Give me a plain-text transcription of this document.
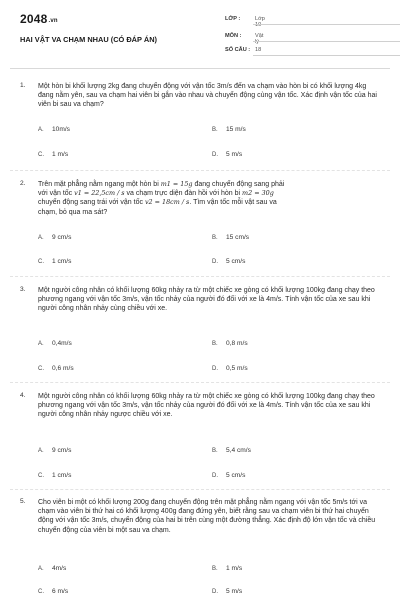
2048.vn
HAI VẬT VA CHẠM NHAU (CÓ ĐÁP ÁN)
LỚP :	Lớp 10
MÔN :	Vật lý
SỐ CÂU : 18
1. Một hòn bi khối lượng 2kg đang chuyển động với vận tốc 3m/s đến va chạm vào hòn bi có khối lượng 4kg đang nằm yên, sau va chạm hai viên bi gắn vào nhau và chuyển động cùng vận tốc. Xác định vận tốc của hai viên bi sau va chạm?
A. 10m/s	B. 15 m/s
C. 1 m/s	D. 5 m/s
2. Trên mặt phẳng nằm ngang một hòn bi m1 = 15g đang chuyển động sang phải
với vận tốc v1 = 22,5cm / s va chạm trực diện đàn hồi với hòn bi m2 = 30g
chuyển động sang trái với vận tốc v2 = 18cm / s. Tìm vận tốc mỗi vật sau va
chạm, bỏ qua ma sát?
A. 9 cm/s	B. 15 cm/s
C. 1 cm/s	D. 5 cm/s
3. Một người công nhân có khối lượng 60kg nhảy ra từ một chiếc xe gòng có khối lượng 100kg đang chạy theo phương ngang với vận tốc 3m/s, vận tốc nhảy của người đó đối với xe là 4m/s. Tính vận tốc của xe sau khi người công nhân nhảy cùng chiều với xe.
A. 0,4m/s	B. 0,8 m/s
C. 0,6 m/s	D. 0,5 m/s
4. Một người công nhân có khối lượng 60kg nhảy ra từ một chiếc xe gòng có khối lượng 100kg đang chạy theo phương ngang với vận tốc 3m/s, vận tốc nhảy của người đó đối với xe là 4m/s. Tính vận tốc của xe sau khi người công nhân nhảy ngược chiều với xe.
A. 9 cm/s	B. 5,4 cm/s
C. 1 cm/s	D. 5 cm/s
5. Cho viên bi một có khối lượng 200g đang chuyển động trên mặt phẳng nằm ngang với vận tốc 5m/s tới va chạm vào viên bi thứ hai có khối lượng 400g đang đứng yên, biết rằng sau va chạm viên bi thứ hai chuyển động với vận tốc 3m/s, chuyển động của hai bi trên cùng một đường thẳng. Xác định độ lớn vận tốc và chiều chuyển động của viên bi một sau va chạm.
A. 4m/s	B. 1 m/s
C. 6 m/s	D. 5 m/s
